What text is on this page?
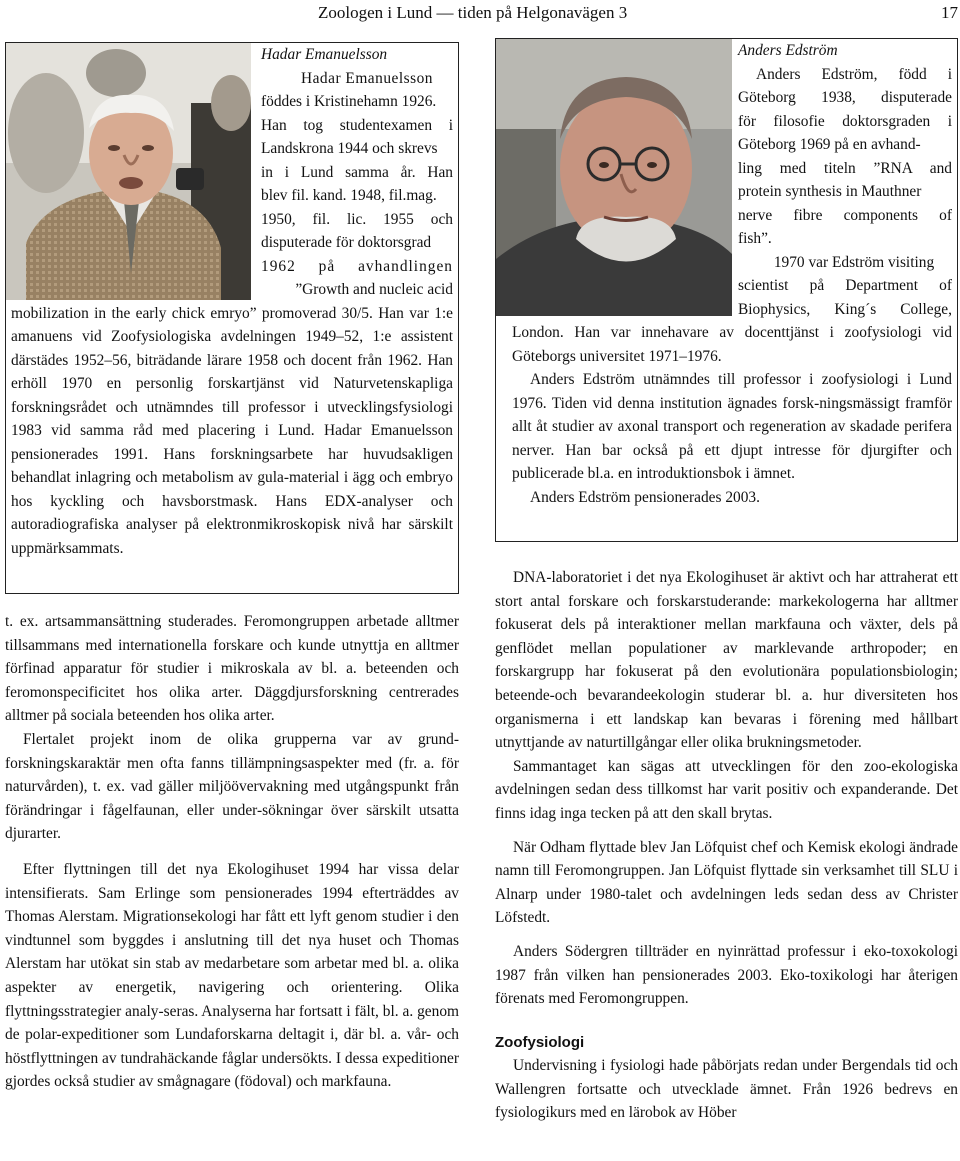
Zoologen i Lund — tiden på Helgonavägen 3	17
Hadar Emanuelsson
Hadar Emanuelsson
föddes i Kristinehamn 1926.
Han tog studentexamen i
Landskrona 1944 och skrevs
in i Lund samma år. Han
blev fil. kand. 1948, fil.mag.
1950, fil. lic. 1955 och
disputerade för doktorsgrad
1962 på avhandlingen
”Growth and nucleic acid

mobilization in the early chick emryo” promoverad 30/5. Han var 1:e amanuens vid Zoofysiologiska avdelningen 1949–52, 1:e assistent därstädes 1952–56, biträdande lärare 1958 och docent från 1962. Han erhöll 1970 en personlig forskartjänst vid Naturvetenskapliga forskningsrådet och utnämndes till professor i utvecklingsfysiologi 1983 vid samma råd med placering i Lund. Hadar Emanuelsson pensionerades 1991. Hans forskningsarbete har huvudsakligen behandlat inlagring och metabolism av gula-material i ägg och embryo hos kyckling och havsborstmask. Hans EDX-analyser och autoradiografiska analyser på elektronmikroskopisk nivå har särskilt uppmärksammats.

t. ex. artsammansättning studerades. Feromongruppen arbetade alltmer tillsammans med internationella forskare och kunde utnyttja en alltmer förfinad apparatur för studier i mikroskala av bl. a. beteenden och feromonspecificitet hos olika arter. Däggdjursforskning centrerades alltmer på sociala beteenden hos olika arter.

Flertalet projekt inom de olika grupperna var av grund-forskningskaraktär men ofta fanns tillämpningsaspekter med (fr. a. för naturvården), t. ex. vad gäller miljöövervakning med utgångspunkt från förändringar i fågelfaunan, eller under-sökningar över särskilt utsatta djurarter.

Efter flyttningen till det nya Ekologihuset 1994 har vissa delar intensifierats. Sam Erlinge som pensionerades 1994 efterträddes av Thomas Alerstam. Migrationsekologi har fått ett lyft genom studier i den vindtunnel som byggdes i anslutning till det nya huset och Thomas Alerstam har utökat sin stab av medarbetare som arbetar med bl. a. olika aspekter av energetik, navigering och orientering. Olika flyttningsstrategier analy-seras. Analyserna har fortsatt i fält, bl. a. genom de polar-expeditioner som Lundaforskarna deltagit i, där bl. a. vår- och höstflyttningen av tundrahäckande fåglar undersökts. I dessa expeditioner gjordes också studier av smågnagare (födoval) och markfauna.

Anders Edström
Anders Edström, född i
Göteborg 1938, disputerade
för filosofie doktorsgraden i
Göteborg 1969 på en avhand-
ling med titeln ”RNA and
protein synthesis in Mauthner
nerve fibre components of
fish”.
1970 var Edström visiting
scientist på Department of
Biophysics, King´s College,

London. Han var innehavare av docenttjänst i zoofysiologi vid Göteborgs universitet 1971–1976.

Anders Edström utnämndes till professor i zoofysiologi i Lund 1976. Tiden vid denna institution ägnades forsk-ningsmässigt framför allt åt studier av axonal transport och regeneration av skadade perifera nerver. Han bar också på ett djupt intresse för djurgifter och publicerade bl.a. en introduktionsbok i ämnet.

Anders Edström pensionerades 2003.

DNA-laboratoriet i det nya Ekologihuset är aktivt och har attraherat ett stort antal forskare och forskarstuderande: markekologerna har alltmer fokuserat dels på interaktioner mellan markfauna och växter, dels på genflödet mellan populationer av marklevande arthropoder; en forskargrupp har fokuserat på den evolutionära populationsbiologin; beteende-och bevarandeekologin studerar bl. a. hur diversiteten hos organismerna i ett landskap kan bevaras i förening med hållbart utnyttjande av naturtillgångar eller olika brukningsmetoder.

Sammantaget kan sägas att utvecklingen för den zoo-ekologiska avdelningen sedan dess tillkomst har varit positiv och expanderande. Det finns idag inga tecken på att den skall brytas.

När Odham flyttade blev Jan Löfquist chef och Kemisk ekologi ändrade namn till Feromongruppen. Jan Löfquist flyttade sin verksamhet till SLU i Alnarp under 1980-talet och avdelningen leds sedan dess av Christer Löfstedt.

Anders Södergren tillträder en nyinrättad professur i eko-toxokologi 1987 från vilken han pensionerades 2003. Eko-toxikologi har återigen förenats med Feromongruppen.

Zoofysiologi

Undervisning i fysiologi hade påbörjats redan under Bergendals tid och Wallengren fortsatte och utvecklade ämnet. Från 1926 bedrevs en fysiologikurs med en lärobok av Höber
